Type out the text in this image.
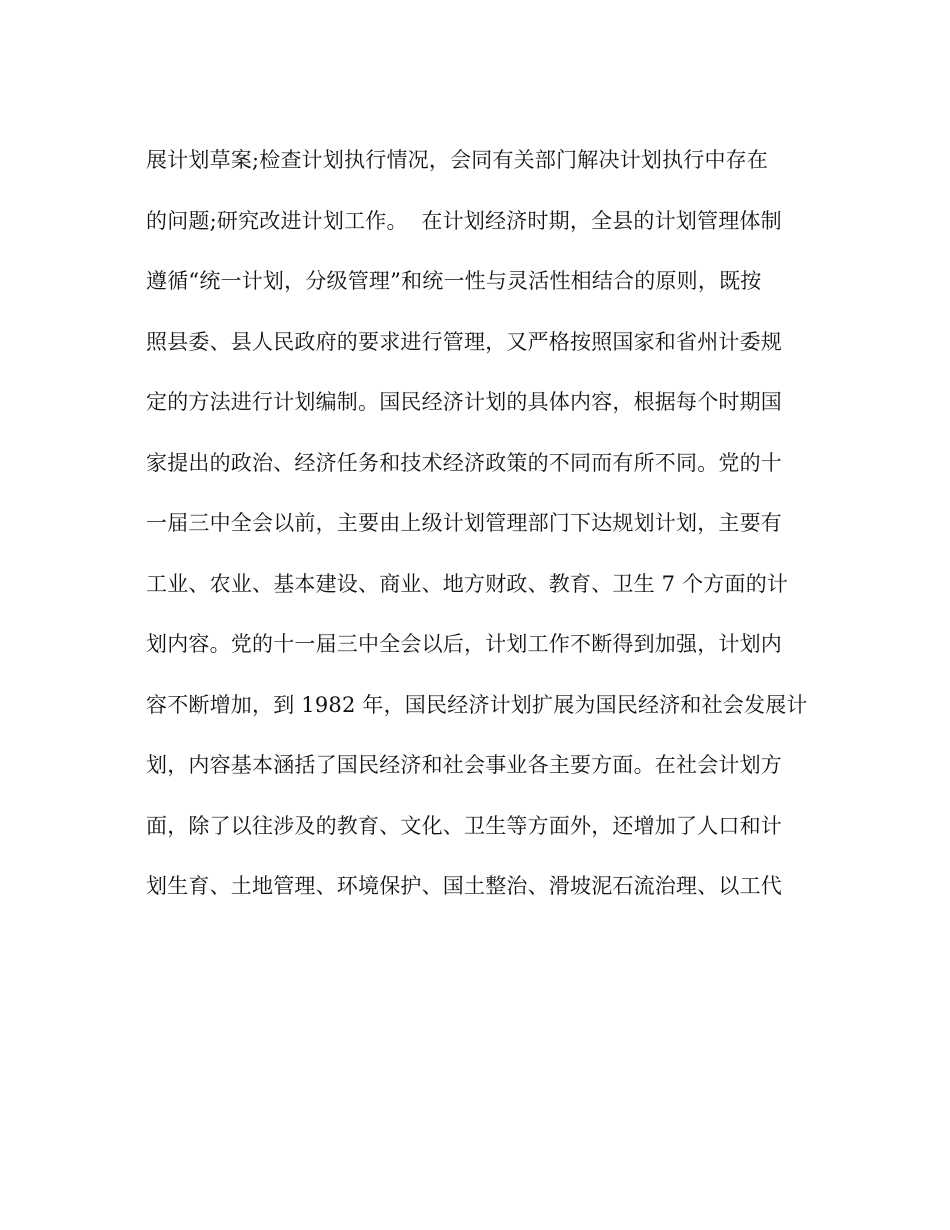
展计划草案;检查计划执行情况，会同有关部门解决计划执行中存在
的问题;研究改进计划工作。  在计划经济时期，全县的计划管理体制
遵循“统一计划，分级管理”和统一性与灵活性相结合的原则，既按
照县委、县人民政府的要求进行管理，又严格按照国家和省州计委规
定的方法进行计划编制。国民经济计划的具体内容，根据每个时期国
家提出的政治、经济任务和技术经济政策的不同而有所不同。党的十
一届三中全会以前，主要由上级计划管理部门下达规划计划，主要有
工业、农业、基本建设、商业、地方财政、教育、卫生 7 个方面的计
划内容。党的十一届三中全会以后，计划工作不断得到加强，计划内
容不断增加，到 1982 年，国民经济计划扩展为国民经济和社会发展计
划，内容基本涵括了国民经济和社会事业各主要方面。在社会计划方
面，除了以往涉及的教育、文化、卫生等方面外，还增加了人口和计
划生育、土地管理、环境保护、国土整治、滑坡泥石流治理、以工代
